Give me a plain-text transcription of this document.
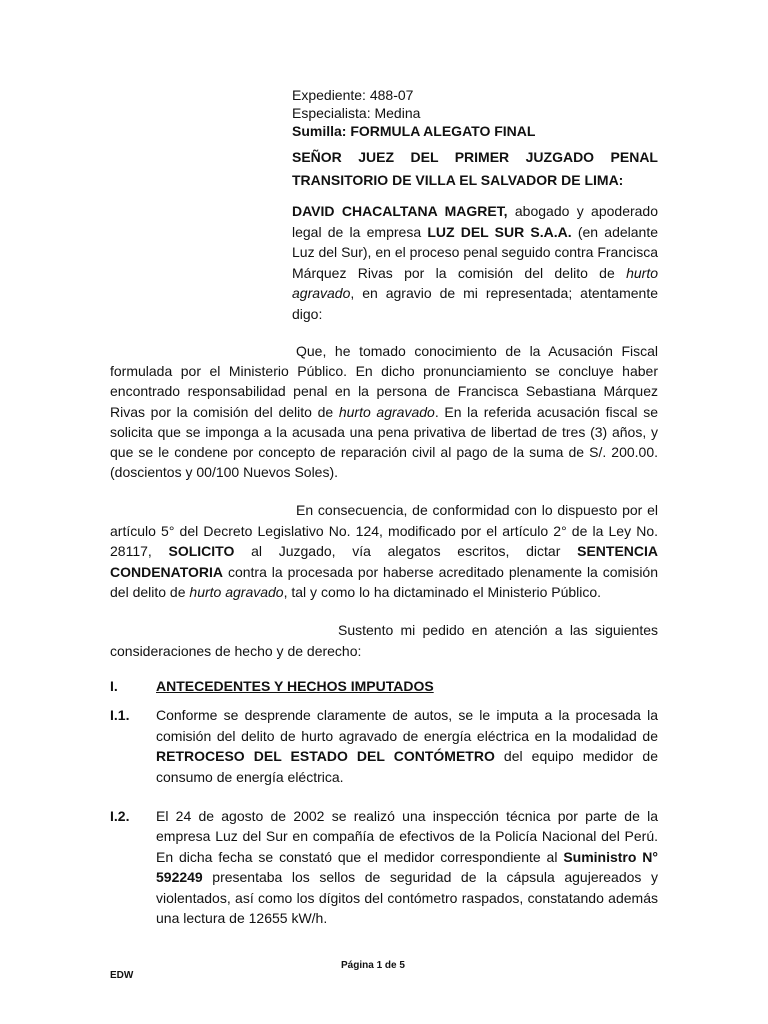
Expediente: 488-07
Especialista: Medina
Sumilla: FORMULA ALEGATO FINAL
SEÑOR JUEZ DEL PRIMER JUZGADO PENAL TRANSITORIO DE VILLA EL SALVADOR DE LIMA:
DAVID CHACALTANA MAGRET, abogado y apoderado legal de la empresa LUZ DEL SUR S.A.A. (en adelante Luz del Sur), en el proceso penal seguido contra Francisca Márquez Rivas por la comisión del delito de hurto agravado, en agravio de mi representada; atentamente digo:
Que, he tomado conocimiento de la Acusación Fiscal formulada por el Ministerio Público. En dicho pronunciamiento se concluye haber encontrado responsabilidad penal en la persona de Francisca Sebastiana Márquez Rivas por la comisión del delito de hurto agravado. En la referida acusación fiscal se solicita que se imponga a la acusada una pena privativa de libertad de tres (3) años, y que se le condene por concepto de reparación civil al pago de la suma de S/. 200.00. (doscientos y 00/100 Nuevos Soles).
En consecuencia, de conformidad con lo dispuesto por el artículo 5° del Decreto Legislativo No. 124, modificado por el artículo 2° de la Ley No. 28117, SOLICITO al Juzgado, vía alegatos escritos, dictar SENTENCIA CONDENATORIA contra la procesada por haberse acreditado plenamente la comisión del delito de hurto agravado, tal y como lo ha dictaminado el Ministerio Público.
Sustento mi pedido en atención a las siguientes consideraciones de hecho y de derecho:
I.	ANTECEDENTES Y HECHOS IMPUTADOS
I.1. Conforme se desprende claramente de autos, se le imputa a la procesada la comisión del delito de hurto agravado de energía eléctrica en la modalidad de RETROCESO DEL ESTADO DEL CONTÓMETRO del equipo medidor de consumo de energía eléctrica.
I.2. El 24 de agosto de 2002 se realizó una inspección técnica por parte de la empresa Luz del Sur en compañía de efectivos de la Policía Nacional del Perú. En dicha fecha se constató que el medidor correspondiente al Suministro N° 592249 presentaba los sellos de seguridad de la cápsula agujereados y violentados, así como los dígitos del contómetro raspados, constatando además una lectura de 12655 kW/h.
Página 1 de 5
EDW
